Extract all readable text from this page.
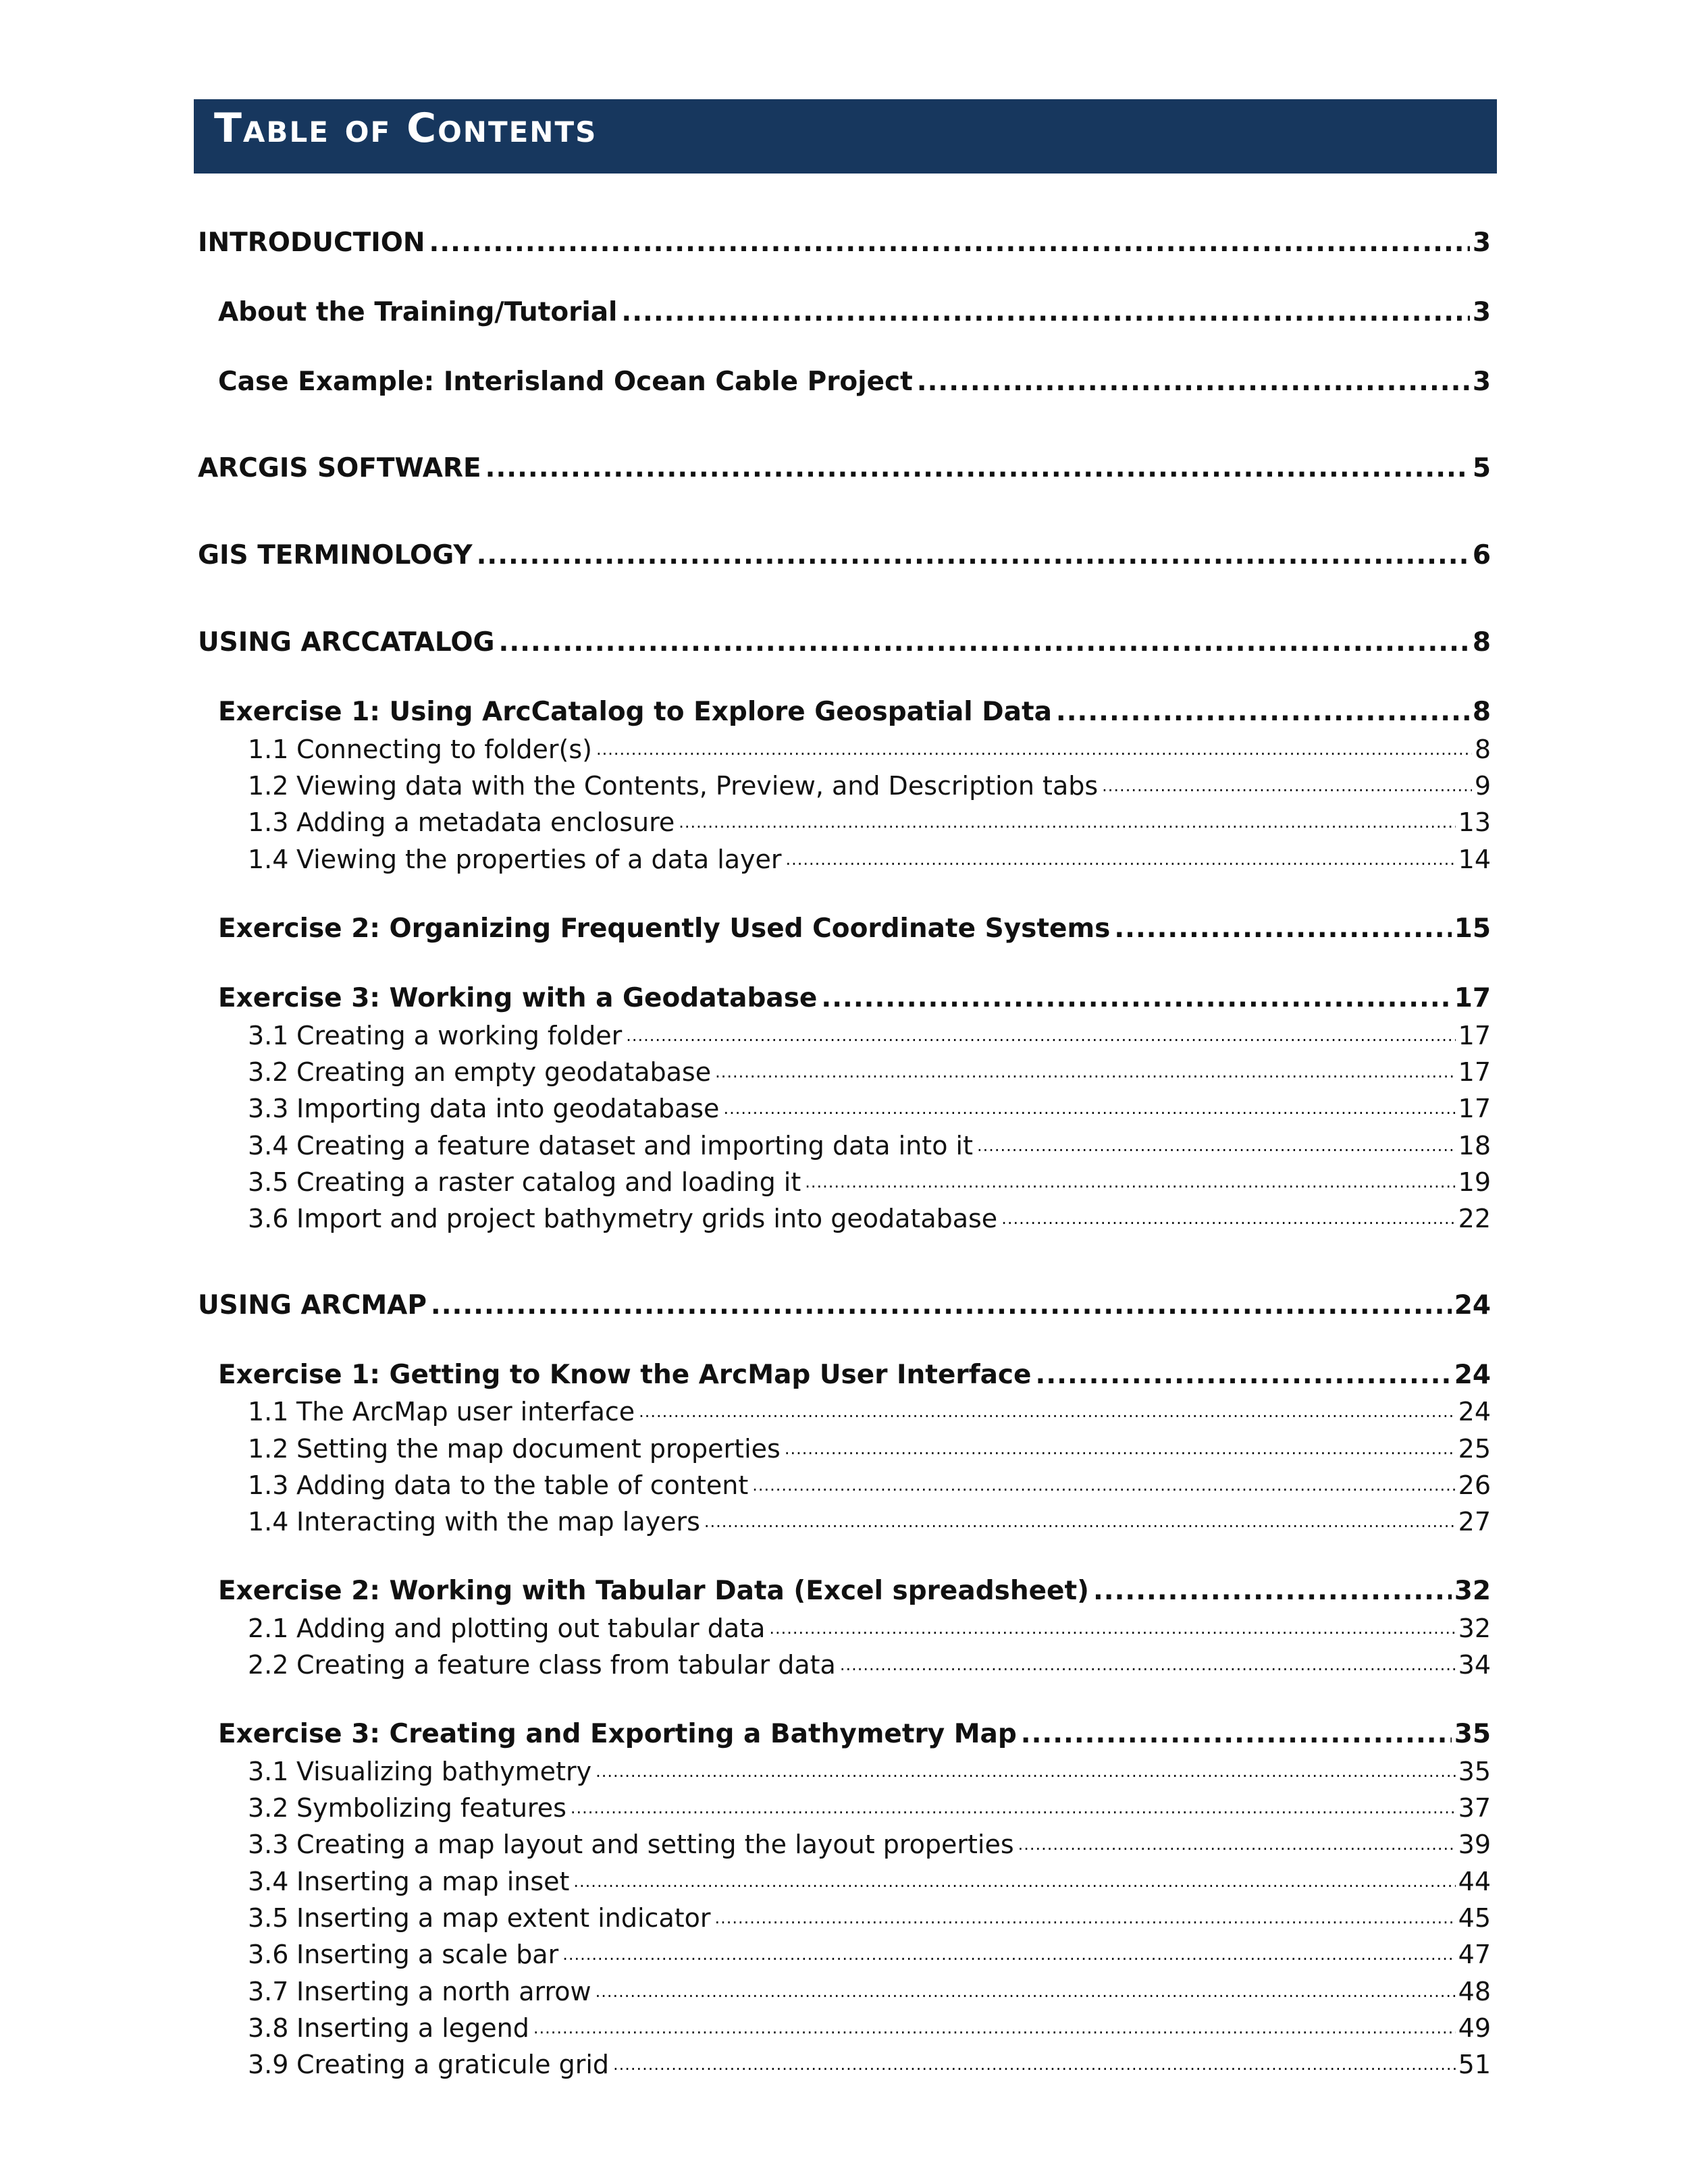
Table of Contents
INTRODUCTION .....	3
About the Training/Tutorial .....	3
Case Example: Interisland Ocean Cable Project .....	3
ARCGIS SOFTWARE .....	5
GIS TERMINOLOGY .....	6
USING ARCCATALOG .....	8
Exercise 1: Using ArcCatalog to Explore Geospatial Data .....	8
1.1 Connecting to folder(s) .....	8
1.2 Viewing data with the Contents, Preview, and Description tabs .....	9
1.3 Adding a metadata enclosure .....	13
1.4 Viewing the properties of a data layer .....	14
Exercise 2: Organizing Frequently Used Coordinate Systems .....	15
Exercise 3: Working with a Geodatabase .....	17
3.1 Creating a working folder .....	17
3.2 Creating an empty geodatabase .....	17
3.3 Importing data into geodatabase .....	17
3.4 Creating a feature dataset and importing data into it .....	18
3.5 Creating a raster catalog and loading it .....	19
3.6 Import and project bathymetry grids into geodatabase .....	22
USING ARCMAP .....	24
Exercise 1: Getting to Know the ArcMap User Interface .....	24
1.1 The ArcMap user interface .....	24
1.2 Setting the map document properties .....	25
1.3 Adding data to the table of content .....	26
1.4 Interacting with the map layers .....	27
Exercise 2: Working with Tabular Data (Excel spreadsheet) .....	32
2.1 Adding and plotting out tabular data .....	32
2.2 Creating a feature class from tabular data .....	34
Exercise 3: Creating and Exporting a Bathymetry Map .....	35
3.1 Visualizing bathymetry .....	35
3.2 Symbolizing features .....	37
3.3 Creating a map layout and setting the layout properties .....	39
3.4 Inserting a map inset .....	44
3.5 Inserting a map extent indicator .....	45
3.6 Inserting a scale bar .....	47
3.7 Inserting a north arrow .....	48
3.8 Inserting a legend .....	49
3.9 Creating a graticule grid .....	51
